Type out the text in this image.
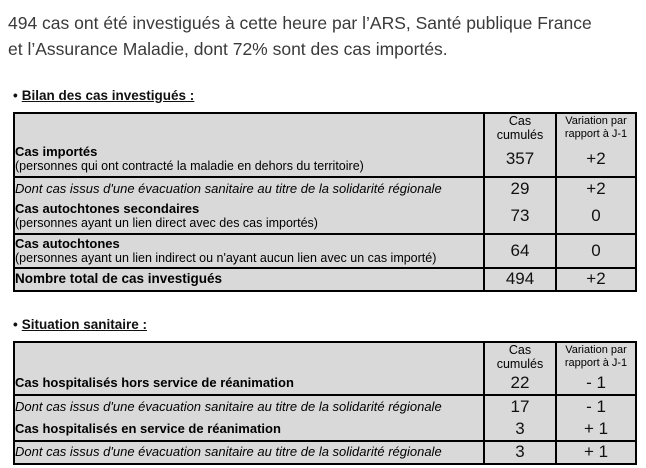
494 cas ont été investigués à cette heure par l’ARS, Santé publique France
et l’Assurance Maladie, dont 72% sont des cas importés.

• Bilan des cas investigués :
	Cas cumulés	Variation par rapport à J-1

Cas importés
(personnes qui ont contracté la maladie en dehors du territoire)	357	+2
Dont cas issus d'une évacuation sanitaire au titre de la solidarité régionale	29	+2

Cas autochtones secondaires
(personnes ayant un lien direct avec des cas importés)	73	0

Cas autochtones
(personnes ayant un lien indirect ou n'ayant aucun lien avec un cas importé)	64	0
Nombre total de cas investigués	494	+2
• Situation sanitaire :
	Cas cumulés	Variation par rapport à J-1
Cas hospitalisés hors service de réanimation	22	- 1
Dont cas issus d'une évacuation sanitaire au titre de la solidarité régionale	17	- 1
Cas hospitalisés en service de réanimation	3	+ 1
Dont cas issus d'une évacuation sanitaire au titre de la solidarité régionale	3	+ 1
